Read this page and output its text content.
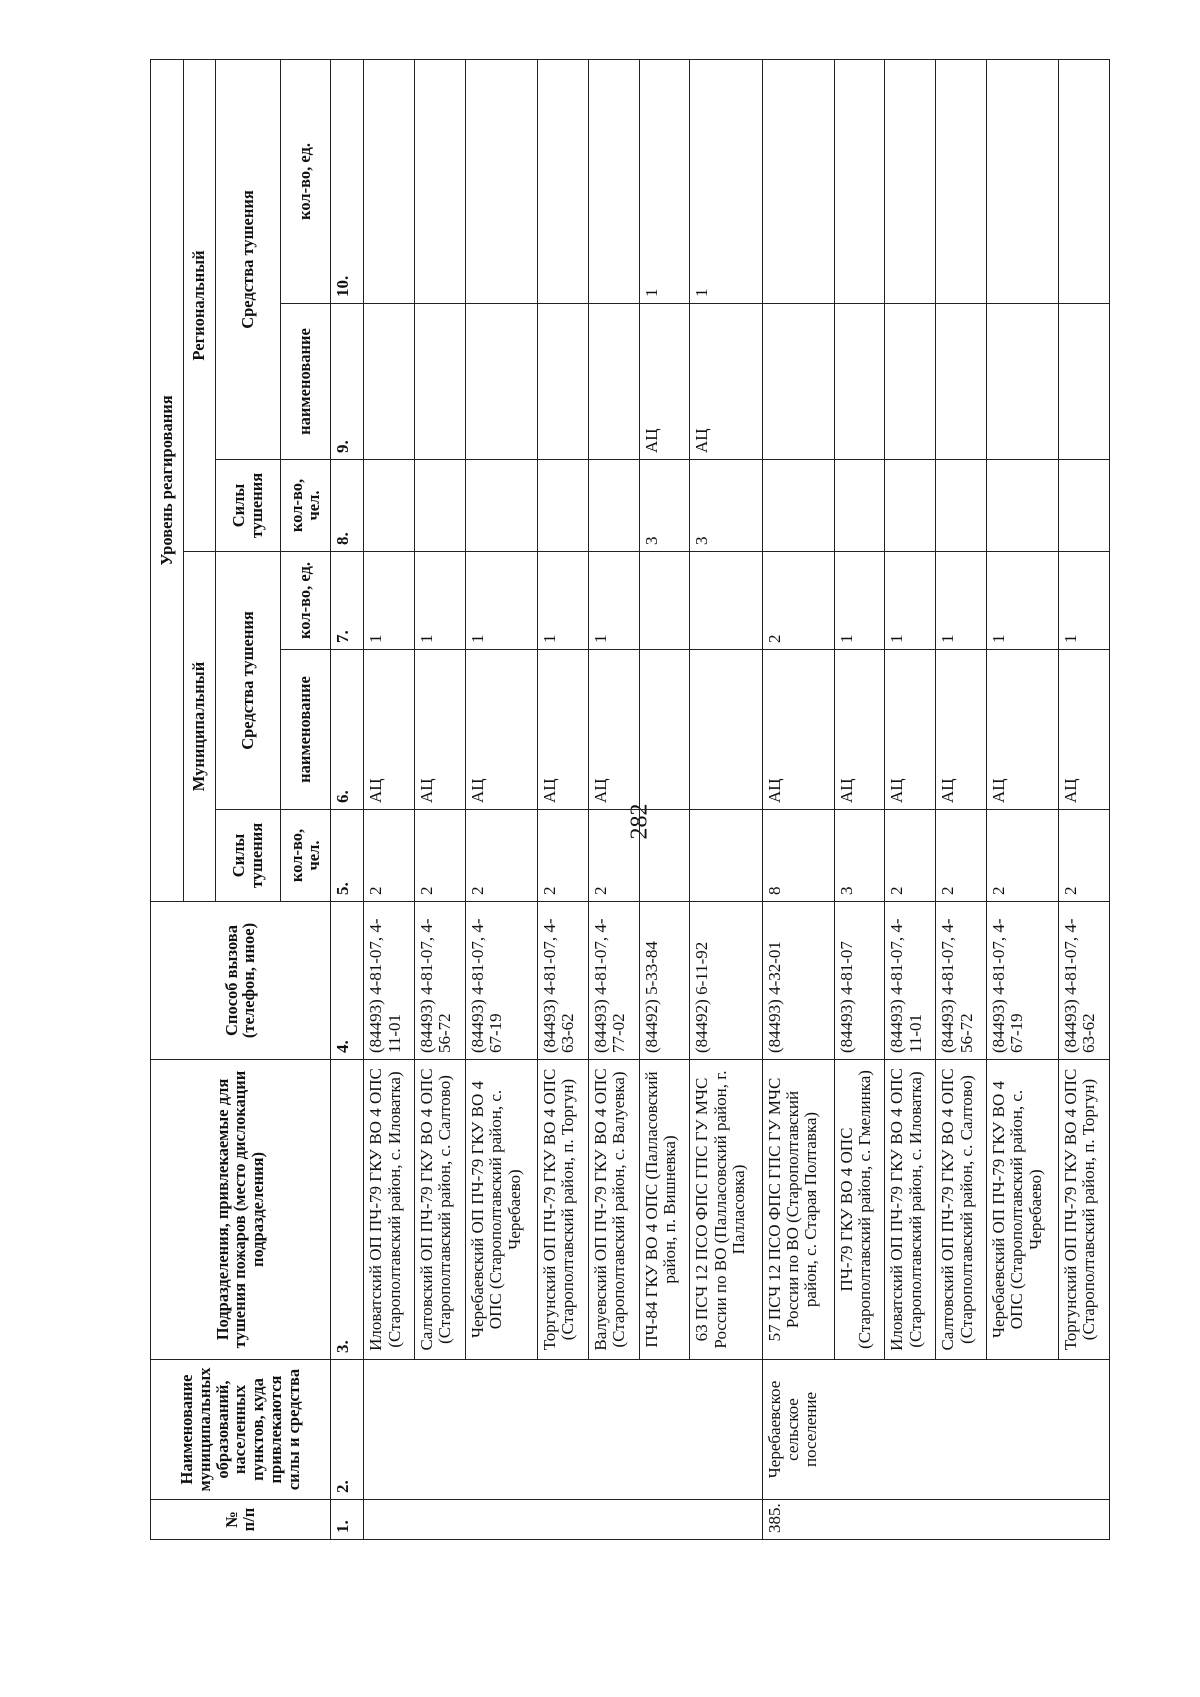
282
№ п/п	Наименование муниципальных образований, населенных пунктов, куда привлекаются силы и средства	Подразделения, привлекаемые для тушения пожаров (место дислокации подразделения)	Способ вызова (телефон, иное)	Уровень реагирования					
				Муниципальный			Региональный		
				Силы тушения	Средства тушения		Силы тушения	Средства тушения	
				кол-во, чел.	наименование	кол-во, ед.	кол-во, чел.	наименование	кол-во, ед.
1.	2.	3.	4.	5.	6.	7.	8.	9.	10.
		Иловатский ОП ПЧ-79 ГКУ ВО 4 ОПС (Старополтавский район, с. Иловатка)	(84493) 4-81-07, 4-11-01	2	АЦ	1			
		Салтовский ОП ПЧ-79 ГКУ ВО 4 ОПС (Старополтавский район, с. Салтово)	(84493) 4-81-07, 4-56-72	2	АЦ	1			
		Черебаевский ОП ПЧ-79 ГКУ ВО 4 ОПС (Старополтавский район, с. Черебаево)	(84493) 4-81-07, 4-67-19	2	АЦ	1			
		Торгунский ОП ПЧ-79 ГКУ ВО 4 ОПС (Старополтавский район, п. Торгун)	(84493) 4-81-07, 4-63-62	2	АЦ	1			
		Валуевский ОП ПЧ-79 ГКУ ВО 4 ОПС (Старополтавский район, с. Валуевка)	(84493) 4-81-07, 4-77-02	2	АЦ	1			
		ПЧ-84 ГКУ ВО 4 ОПС (Палласовский район, п. Вишневка)	(84492) 5-33-84				3	АЦ	1
		63 ПСЧ 12 ПСО ФПС ГПС ГУ МЧС России по ВО (Палласовский район, г. Палласовка)	(84492) 6-11-92				3	АЦ	1
385.	Черебаевское сельское поселение	57 ПСЧ 12 ПСО ФПС ГПС ГУ МЧС России по ВО (Старополтавский район, с. Старая Полтавка)	(84493) 4-32-01	8	АЦ	2			
		ПЧ-79 ГКУ ВО 4 ОПС (Старополтавский район, с. Гмелинка)	(84493) 4-81-07	3	АЦ	1			
		Иловатский ОП ПЧ-79 ГКУ ВО 4 ОПС (Старополтавский район, с. Иловатка)	(84493) 4-81-07, 4-11-01	2	АЦ	1			
		Салтовский ОП ПЧ-79 ГКУ ВО 4 ОПС (Старополтавский район, с. Салтово)	(84493) 4-81-07, 4-56-72	2	АЦ	1			
		Черебаевский ОП ПЧ-79 ГКУ ВО 4 ОПС (Старополтавский район, с. Черебаево)	(84493) 4-81-07, 4-67-19	2	АЦ	1			
		Торгунский ОП ПЧ-79 ГКУ ВО 4 ОПС (Старополтавский район, п. Торгун)	(84493) 4-81-07, 4-63-62	2	АЦ	1			
